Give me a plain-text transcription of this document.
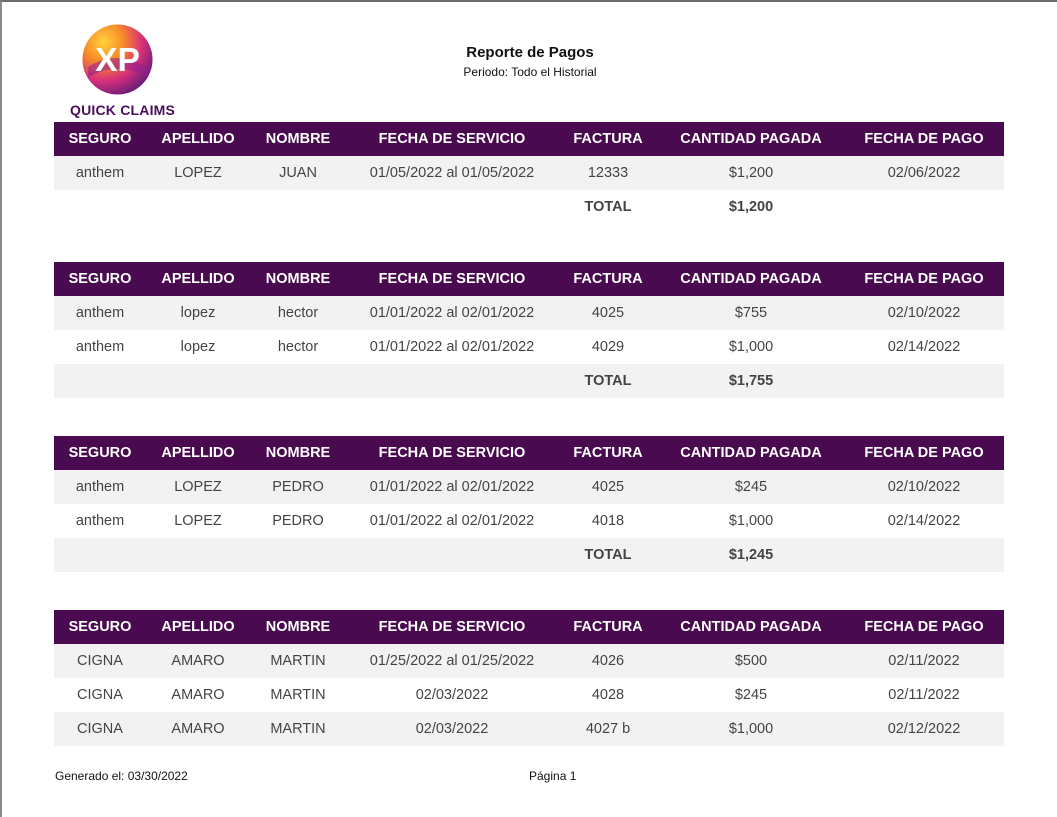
XP
QUICK CLAIMS
Reporte de Pagos
Periodo: Todo el Historial
SEGURO	APELLIDO	NOMBRE	FECHA DE SERVICIO	FACTURA	CANTIDAD PAGADA	FECHA DE PAGO
anthem	LOPEZ	JUAN	01/05/2022 al 01/05/2022	12333	$1,200	02/06/2022
				TOTAL	$1,200	
SEGURO	APELLIDO	NOMBRE	FECHA DE SERVICIO	FACTURA	CANTIDAD PAGADA	FECHA DE PAGO
anthem	lopez	hector	01/01/2022 al 02/01/2022	4025	$755	02/10/2022
anthem	lopez	hector	01/01/2022 al 02/01/2022	4029	$1,000	02/14/2022
				TOTAL	$1,755	
SEGURO	APELLIDO	NOMBRE	FECHA DE SERVICIO	FACTURA	CANTIDAD PAGADA	FECHA DE PAGO
anthem	LOPEZ	PEDRO	01/01/2022 al 02/01/2022	4025	$245	02/10/2022
anthem	LOPEZ	PEDRO	01/01/2022 al 02/01/2022	4018	$1,000	02/14/2022
				TOTAL	$1,245	
SEGURO	APELLIDO	NOMBRE	FECHA DE SERVICIO	FACTURA	CANTIDAD PAGADA	FECHA DE PAGO
CIGNA	AMARO	MARTIN	01/25/2022 al 01/25/2022	4026	$500	02/11/2022
CIGNA	AMARO	MARTIN	02/03/2022	4028	$245	02/11/2022
CIGNA	AMARO	MARTIN	02/03/2022	4027 b	$1,000	02/12/2022
Generado el: 03/30/2022	Página 1
